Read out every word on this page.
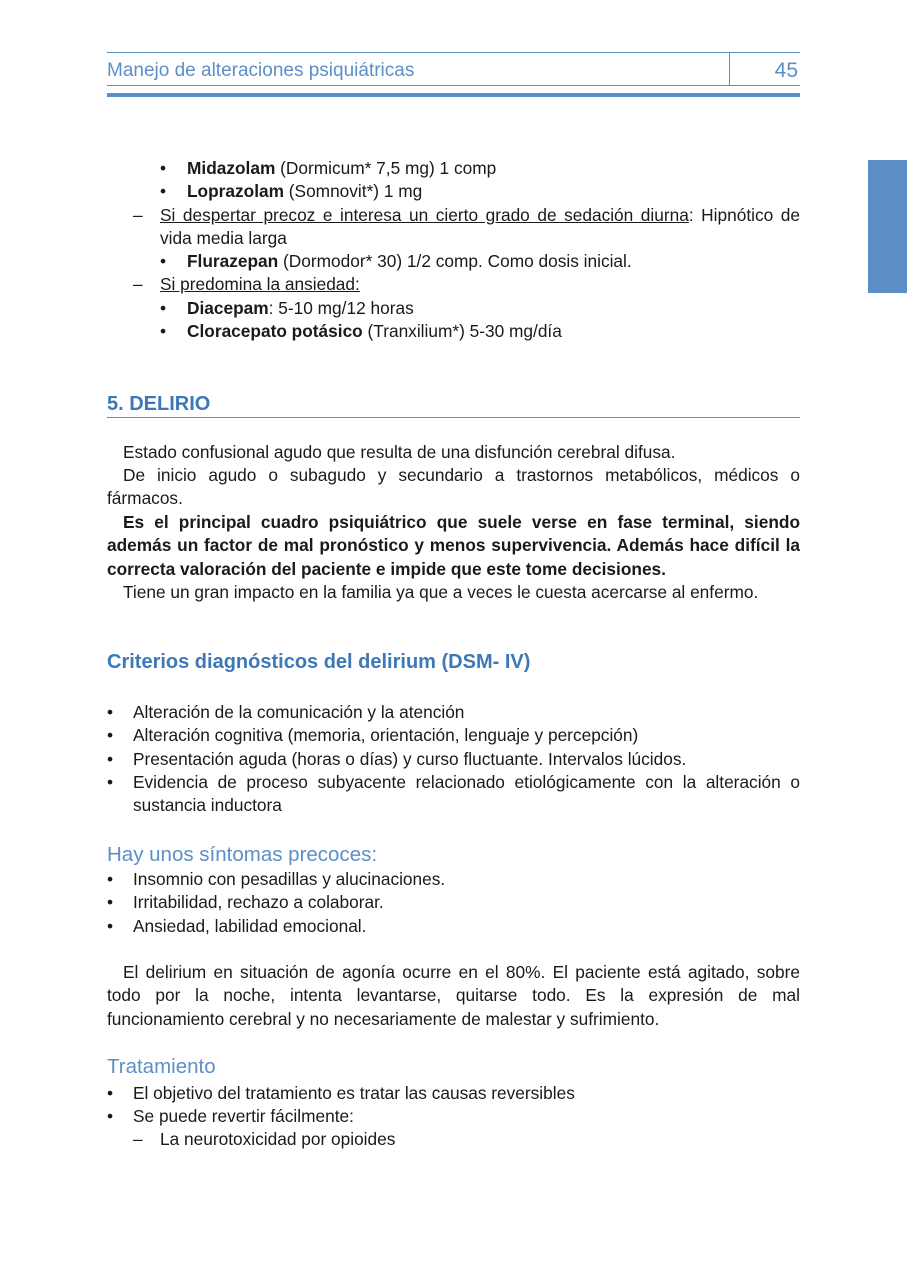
Manejo de alteraciones psiquiátricas	45
• Midazolam (Dormicum* 7,5 mg) 1 comp
• Loprazolam (Somnovit*) 1 mg
– Si despertar precoz e interesa un cierto grado de sedación diurna: Hipnótico de vida media larga
• Flurazepan (Dormodor* 30) 1/2 comp. Como dosis inicial.
– Si predomina la ansiedad:
• Diacepam: 5-10 mg/12 horas
• Cloracepato potásico (Tranxilium*) 5-30 mg/día
5. DELIRIO
Estado confusional agudo que resulta de una disfunción cerebral difusa.
De inicio agudo o subagudo y secundario a trastornos metabólicos, médicos o fármacos.
Es el principal cuadro psiquiátrico que suele verse en fase terminal, siendo además un factor de mal pronóstico y menos supervivencia. Además hace difícil la correcta valoración del paciente e impide que este tome decisiones.
Tiene un gran impacto en la familia ya que a veces le cuesta acercarse al enfermo.
Criterios diagnósticos del delirium (DSM- IV)
• Alteración de la comunicación y la atención
• Alteración cognitiva (memoria, orientación, lenguaje y percepción)
• Presentación aguda (horas o días) y curso fluctuante. Intervalos lúcidos.
• Evidencia de proceso subyacente relacionado etiológicamente con la alteración o sustancia inductora
Hay unos síntomas precoces:
• Insomnio con pesadillas y alucinaciones.
• Irritabilidad, rechazo a colaborar.
• Ansiedad, labilidad emocional.
El delirium en situación de agonía ocurre en el 80%. El paciente está agitado, sobre todo por la noche, intenta levantarse, quitarse todo. Es la expresión de mal funcionamiento cerebral y no necesariamente de malestar y sufrimiento.
Tratamiento
• El objetivo del tratamiento es tratar las causas reversibles
• Se puede revertir fácilmente:
– La neurotoxicidad por opioides
